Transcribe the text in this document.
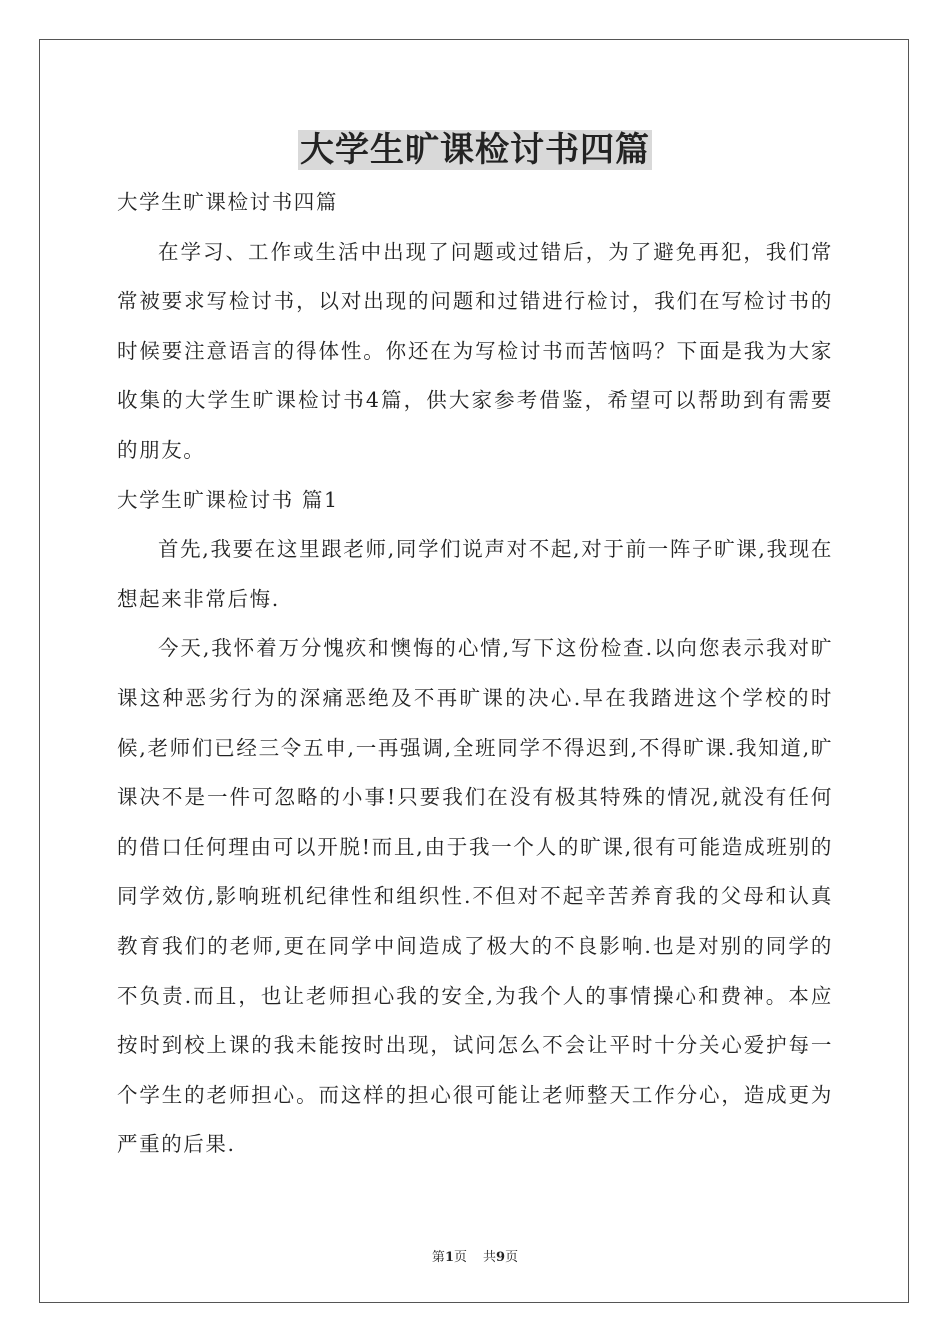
大学生旷课检讨书四篇

大学生旷课检讨书四篇

在学习、工作或生活中出现了问题或过错后，为了避免再犯，我们常常被要求写检讨书，以对出现的问题和过错进行检讨，我们在写检讨书的时候要注意语言的得体性。你还在为写检讨书而苦恼吗？下面是我为大家收集的大学生旷课检讨书4篇，供大家参考借鉴，希望可以帮助到有需要的朋友。

大学生旷课检讨书 篇1

首先,我要在这里跟老师,同学们说声对不起,对于前一阵子旷课,我现在想起来非常后悔.

今天,我怀着万分愧疚和懊悔的心情,写下这份检查.以向您表示我对旷课这种恶劣行为的深痛恶绝及不再旷课的决心.早在我踏进这个学校的时候,老师们已经三令五申,一再强调,全班同学不得迟到,不得旷课.我知道,旷课决不是一件可忽略的小事!只要我们在没有极其特殊的情况,就没有任何的借口任何理由可以开脱!而且,由于我一个人的旷课,很有可能造成班别的同学效仿,影响班机纪律性和组织性.不但对不起辛苦养育我的父母和认真教育我们的老师,更在同学中间造成了极大的不良影响.也是对别的同学的不负责.而且，也让老师担心我的安全,为我个人的事情操心和费神。本应按时到校上课的我未能按时出现，试问怎么不会让平时十分关心爱护每一个学生的老师担心。而这样的担心很可能让老师整天工作分心，造成更为严重的后果.

第1页 共9页
